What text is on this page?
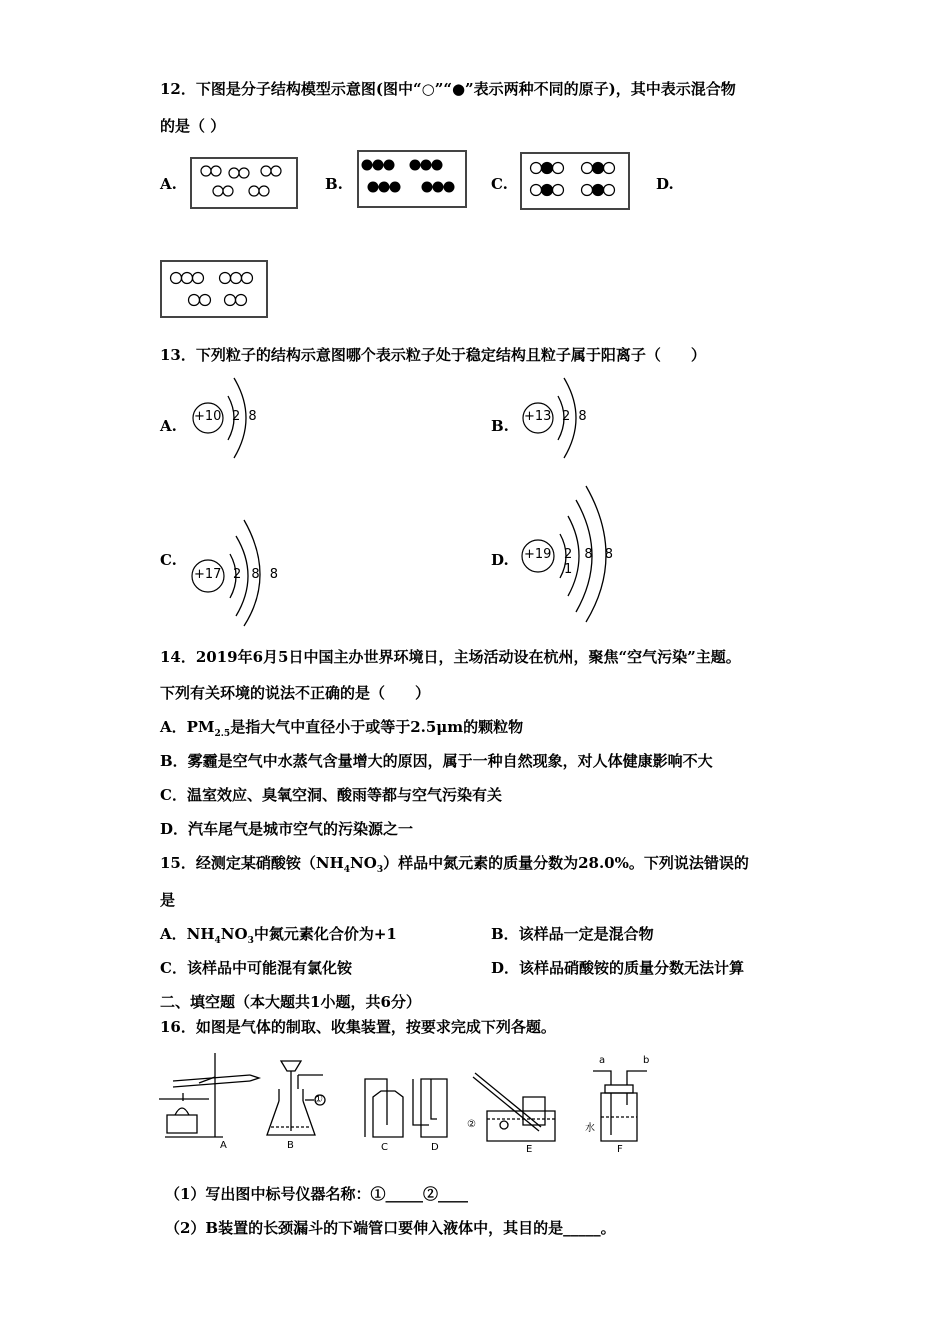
12．下图是分子结构模型示意图(图中“○”“●”表示两种不同的原子)，其中表示混合物
的是（ ）
A.	B.	C.	D.
13．下列粒子的结构示意图哪个表示粒子处于稳定结构且粒子属于阳离子（　　）
A.
+10 2 8
B.
+13 2 8
C.
+17 2 8 8
D. +19 2 8 8 1
14．2019年6月5日中国主办世界环境日，主场活动设在杭州，聚焦“空气污染”主题。
下列有关环境的说法不正确的是（　　）
A．$PM_{2.5}$是指大气中直径小于或等于2.5μm的颗粒物
B．雾霾是空气中水蒸气含量增大的原因，属于一种自然现象，对人体健康影响不大
C．温室效应、臭氧空洞、酸雨等都与空气污染有关
D．汽车尾气是城市空气的污染源之一
15．经测定某硝酸铵$(NH_4NO_3)$样品中氮元素的质量分数为28.0%。下列说法错误的
是
A．$NH_4NO_3$中氮元素化合价为+1	B．该样品一定是混合物
C．该样品中可能混有氯化铵	D．该样品硝酸铵的质量分数无法计算
二、填空题（本大题共1小题，共6分）
16．如图是气体的制取、收集装置，按要求完成下列各题。
A	B	C	D	E	F
①
②
a	b
水
（1）写出图中标号仪器名称：①_____②____
（2）B装置的长颈漏斗的下端管口要伸入液体中，其目的是_____。
